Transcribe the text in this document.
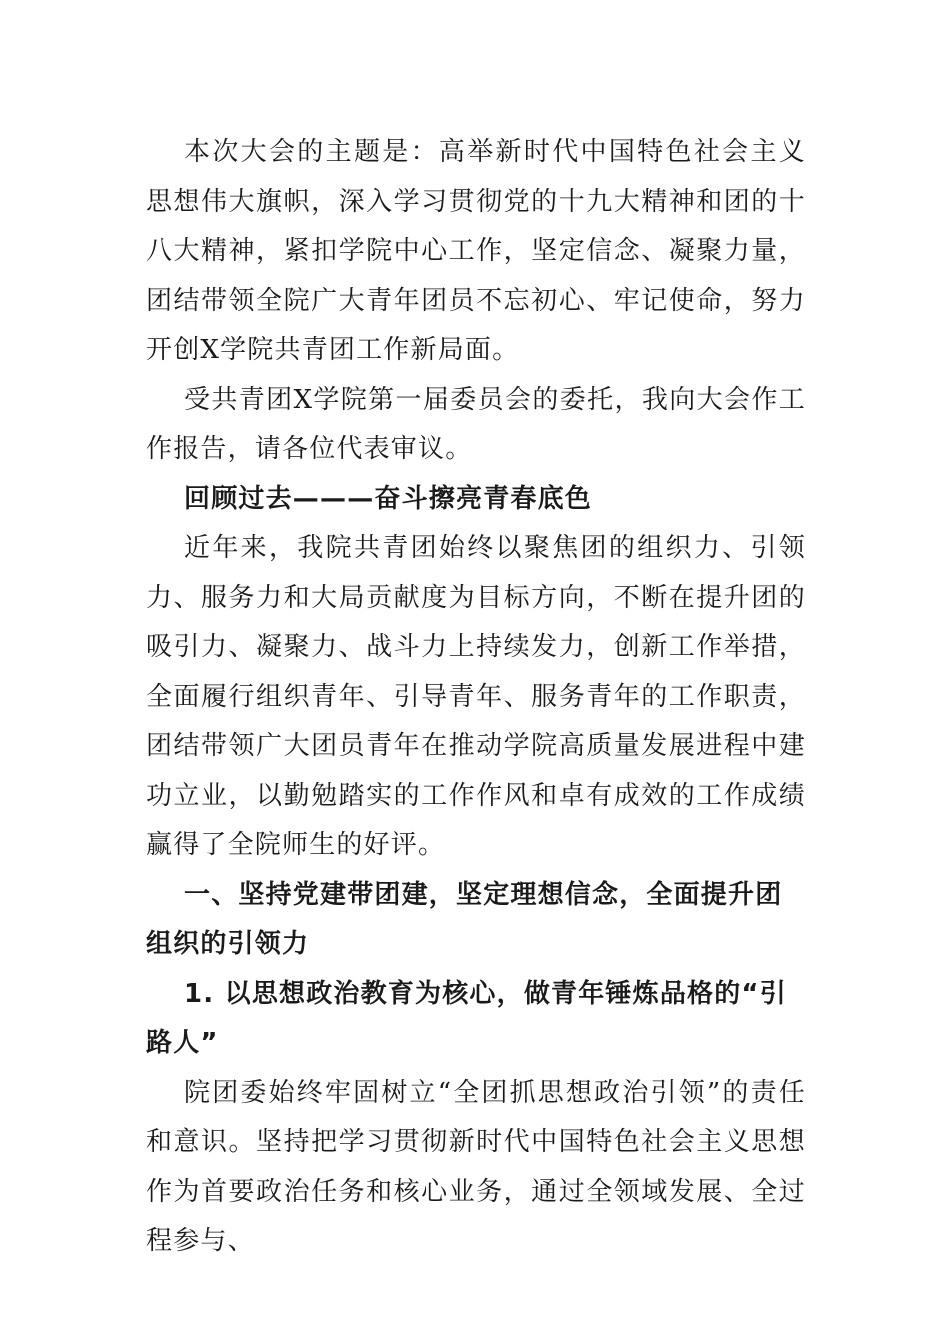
本次大会的主题是：高举新时代中国特色社会主义思想伟大旗帜，深入学习贯彻党的十九大精神和团的十八大精神，紧扣学院中心工作，坚定信念、凝聚力量，团结带领全院广大青年团员不忘初心、牢记使命，努力开创X学院共青团工作新局面。

受共青团X学院第一届委员会的委托，我向大会作工作报告，请各位代表审议。

回顾过去———奋斗擦亮青春底色

近年来，我院共青团始终以聚焦团的组织力、引领力、服务力和大局贡献度为目标方向，不断在提升团的吸引力、凝聚力、战斗力上持续发力，创新工作举措，全面履行组织青年、引导青年、服务青年的工作职责，团结带领广大团员青年在推动学院高质量发展进程中建功立业，以勤勉踏实的工作作风和卓有成效的工作成绩赢得了全院师生的好评。

一、坚持党建带团建，坚定理想信念，全面提升团组织的引领力

1. 以思想政治教育为核心，做青年锤炼品格的“引路人”

院团委始终牢固树立“全团抓思想政治引领”的责任和意识。坚持把学习贯彻新时代中国特色社会主义思想作为首要政治任务和核心业务，通过全领域发展、全过程参与、
